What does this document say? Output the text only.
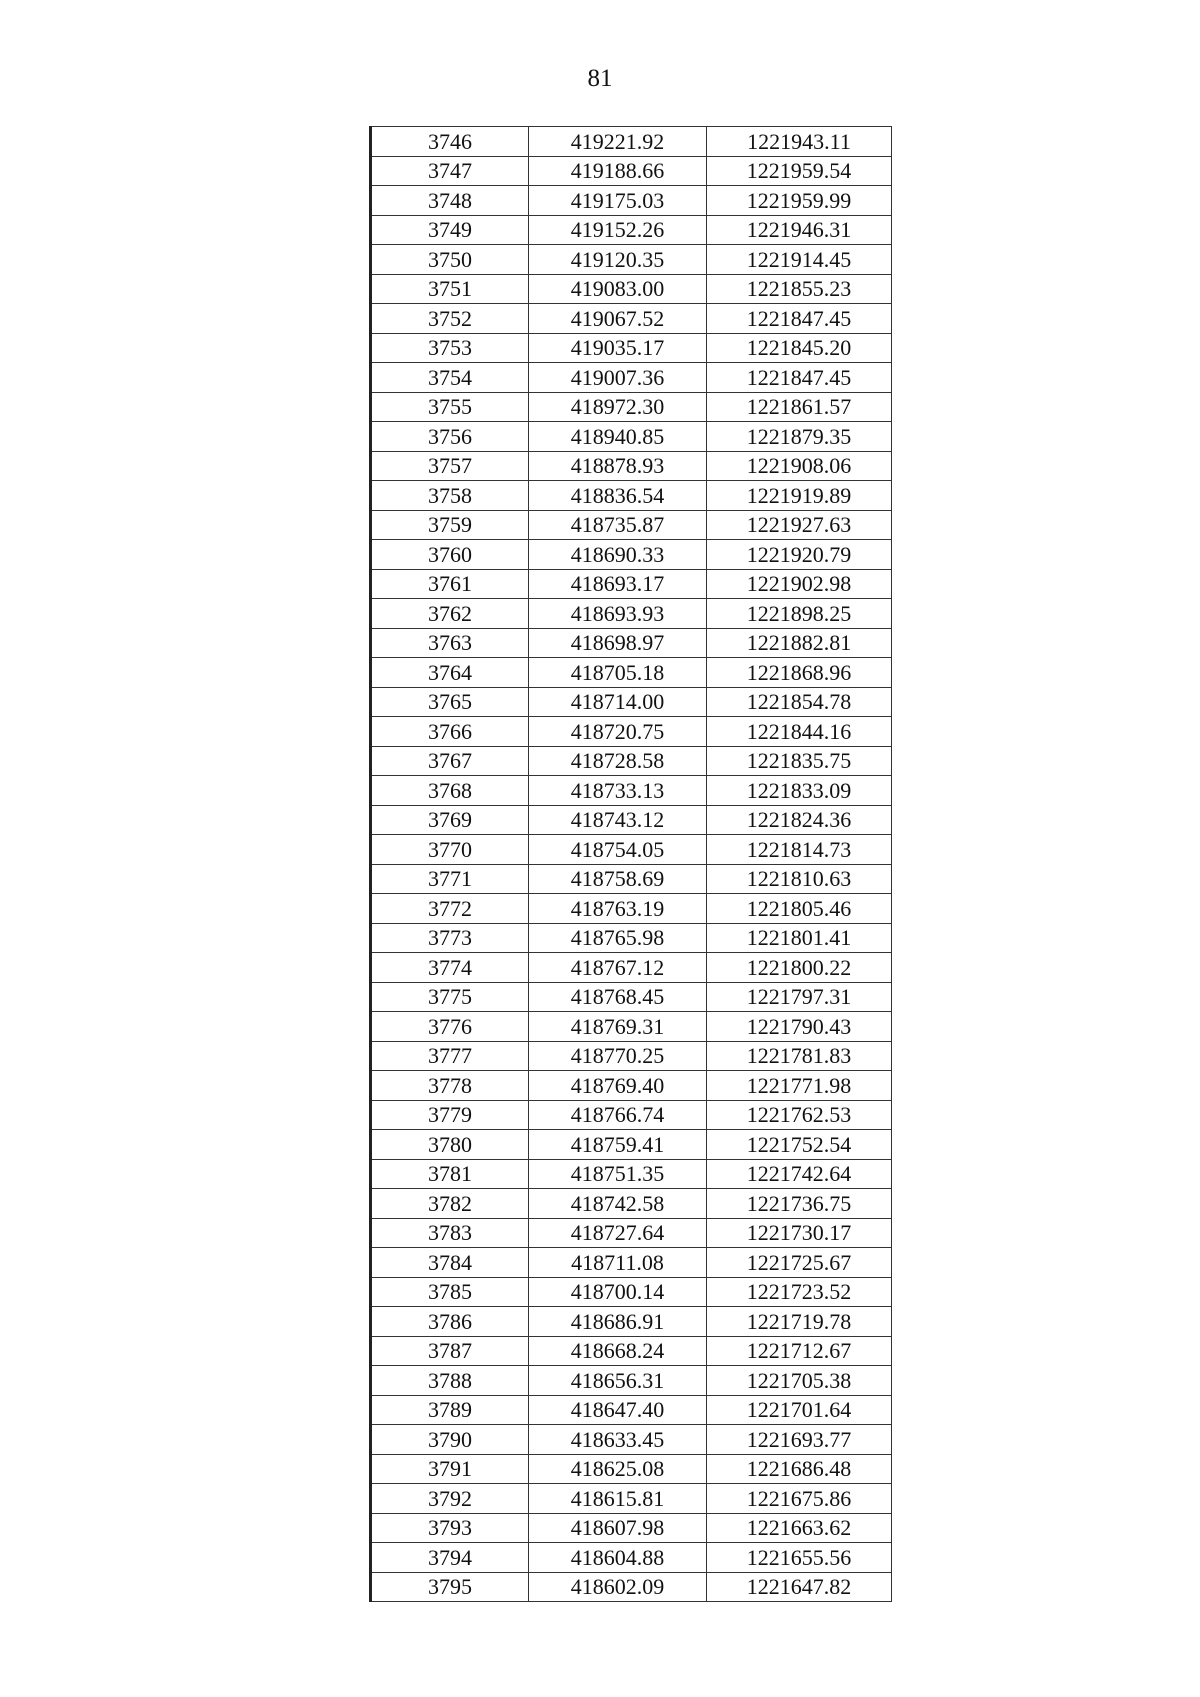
81
3746	419221.92	1221943.11
3747	419188.66	1221959.54
3748	419175.03	1221959.99
3749	419152.26	1221946.31
3750	419120.35	1221914.45
3751	419083.00	1221855.23
3752	419067.52	1221847.45
3753	419035.17	1221845.20
3754	419007.36	1221847.45
3755	418972.30	1221861.57
3756	418940.85	1221879.35
3757	418878.93	1221908.06
3758	418836.54	1221919.89
3759	418735.87	1221927.63
3760	418690.33	1221920.79
3761	418693.17	1221902.98
3762	418693.93	1221898.25
3763	418698.97	1221882.81
3764	418705.18	1221868.96
3765	418714.00	1221854.78
3766	418720.75	1221844.16
3767	418728.58	1221835.75
3768	418733.13	1221833.09
3769	418743.12	1221824.36
3770	418754.05	1221814.73
3771	418758.69	1221810.63
3772	418763.19	1221805.46
3773	418765.98	1221801.41
3774	418767.12	1221800.22
3775	418768.45	1221797.31
3776	418769.31	1221790.43
3777	418770.25	1221781.83
3778	418769.40	1221771.98
3779	418766.74	1221762.53
3780	418759.41	1221752.54
3781	418751.35	1221742.64
3782	418742.58	1221736.75
3783	418727.64	1221730.17
3784	418711.08	1221725.67
3785	418700.14	1221723.52
3786	418686.91	1221719.78
3787	418668.24	1221712.67
3788	418656.31	1221705.38
3789	418647.40	1221701.64
3790	418633.45	1221693.77
3791	418625.08	1221686.48
3792	418615.81	1221675.86
3793	418607.98	1221663.62
3794	418604.88	1221655.56
3795	418602.09	1221647.82
